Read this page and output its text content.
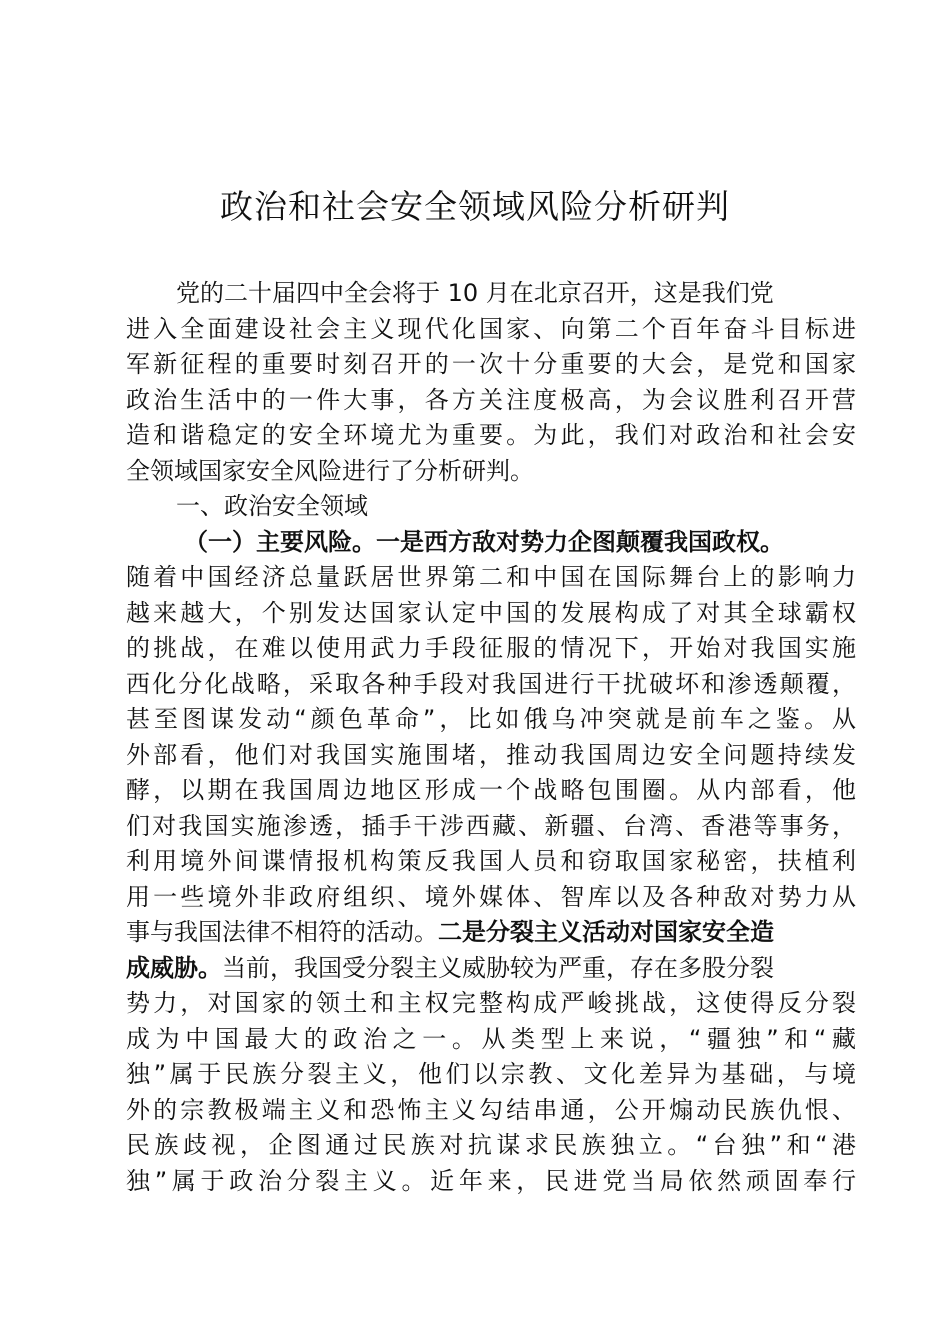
政治和社会安全领域风险分析研判
党的二十届四中全会将于 10 月在北京召开，这是我们党
进入全面建设社会主义现代化国家、向第二个百年奋斗目标进
军新征程的重要时刻召开的一次十分重要的大会，是党和国家
政治生活中的一件大事，各方关注度极高，为会议胜利召开营
造和谐稳定的安全环境尤为重要。为此，我们对政治和社会安
全领域国家安全风险进行了分析研判。
一、政治安全领域
（一）主要风险。一是西方敌对势力企图颠覆我国政权。
随着中国经济总量跃居世界第二和中国在国际舞台上的影响力
越来越大，个别发达国家认定中国的发展构成了对其全球霸权
的挑战，在难以使用武力手段征服的情况下，开始对我国实施
西化分化战略，采取各种手段对我国进行干扰破坏和渗透颠覆，
甚至图谋发动“颜色革命”，比如俄乌冲突就是前车之鉴。从
外部看，他们对我国实施围堵，推动我国周边安全问题持续发
酵，以期在我国周边地区形成一个战略包围圈。从内部看，他
们对我国实施渗透，插手干涉西藏、新疆、台湾、香港等事务，
利用境外间谍情报机构策反我国人员和窃取国家秘密，扶植利
用一些境外非政府组织、境外媒体、智库以及各种敌对势力从
事与我国法律不相符的活动。二是分裂主义活动对国家安全造
成威胁。当前，我国受分裂主义威胁较为严重，存在多股分裂
势力，对国家的领土和主权完整构成严峻挑战，这使得反分裂
成为中国最大的政治之一。从类型上来说，“疆独”和“藏
独”属于民族分裂主义，他们以宗教、文化差异为基础，与境
外的宗教极端主义和恐怖主义勾结串通，公开煽动民族仇恨、
民族歧视，企图通过民族对抗谋求民族独立。“台独”和“港
独”属于政治分裂主义。近年来，民进党当局依然顽固奉行
